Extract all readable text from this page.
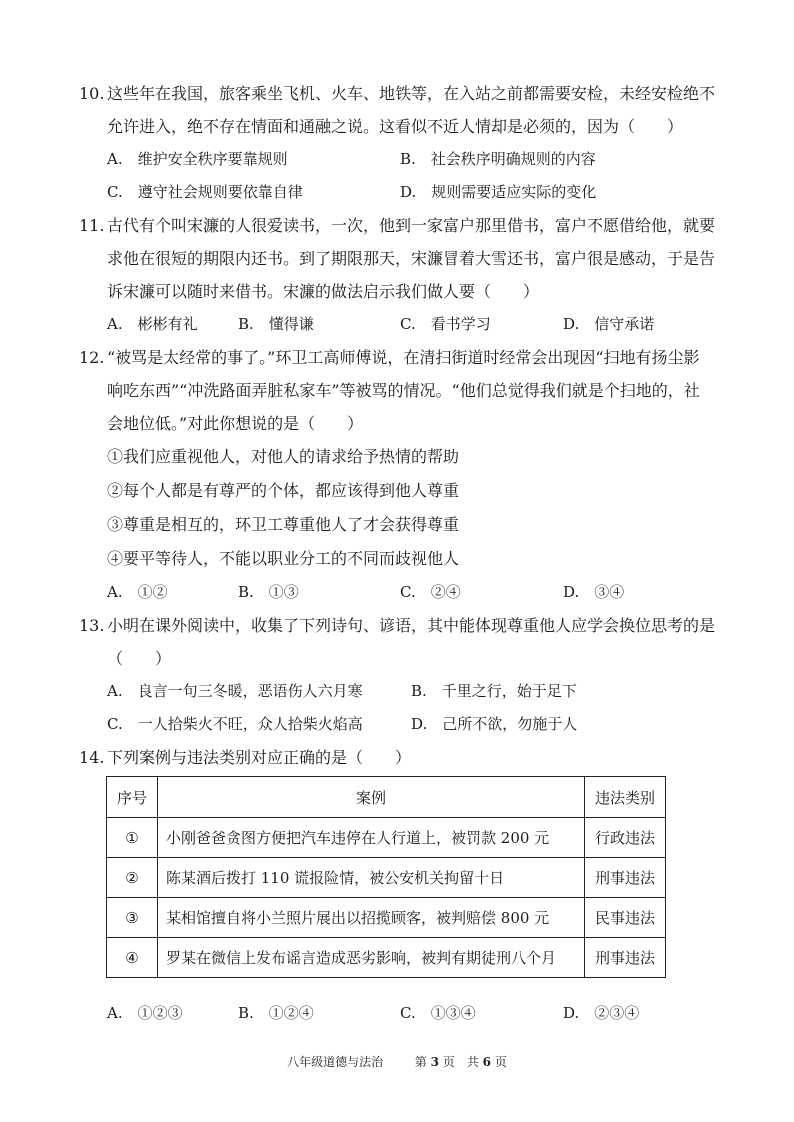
10. 这些年在我国，旅客乘坐飞机、火车、地铁等，在入站之前都需要安检，未经安检绝不
允许进入，绝不存在情面和通融之说。这看似不近人情却是必须的，因为（　　）
A.　维护安全秩序要靠规则	B.　社会秩序明确规则的内容
C.　遵守社会规则要依靠自律	D.　规则需要适应实际的变化
11. 古代有个叫宋濂的人很爱读书，一次，他到一家富户那里借书，富户不愿借给他，就要
求他在很短的期限内还书。到了期限那天，宋濂冒着大雪还书，富户很是感动，于是告
诉宋濂可以随时来借书。宋濂的做法启示我们做人要（　　）
A.　彬彬有礼	B.　懂得谦	C.　看书学习	D.　信守承诺
12. “被骂是太经常的事了。”环卫工高师傅说，在清扫街道时经常会出现因“扫地有扬尘影
响吃东西”“冲洗路面弄脏私家车”等被骂的情况。“他们总觉得我们就是个扫地的，社
会地位低。”对此你想说的是（　　）
①我们应重视他人，对他人的请求给予热情的帮助
②每个人都是有尊严的个体，都应该得到他人尊重
③尊重是相互的，环卫工尊重他人了才会获得尊重
④要平等待人，不能以职业分工的不同而歧视他人
A.　①②	B.　①③	C.　②④	D.　③④
13. 小明在课外阅读中，收集了下列诗句、谚语，其中能体现尊重他人应学会换位思考的是
（　　）
A.　良言一句三冬暖，恶语伤人六月寒	B.　千里之行，始于足下
C.　一人拾柴火不旺，众人拾柴火焰高	D.　己所不欲，勿施于人
14. 下列案例与违法类别对应正确的是（　　）
序号	案例	违法类别
①	小刚爸爸贪图方便把汽车违停在人行道上，被罚款 200 元	行政违法
②	陈某酒后拨打 110 谎报险情，被公安机关拘留十日	刑事违法
③	某相馆擅自将小兰照片展出以招揽顾客，被判赔偿 800 元	民事违法
④	罗某在微信上发布谣言造成恶劣影响，被判有期徒刑八个月	刑事违法
A.　①②③	B.　①②④	C.　①③④	D.　②③④
八年级道德与法治 　　	第 3 页　共 6 页
